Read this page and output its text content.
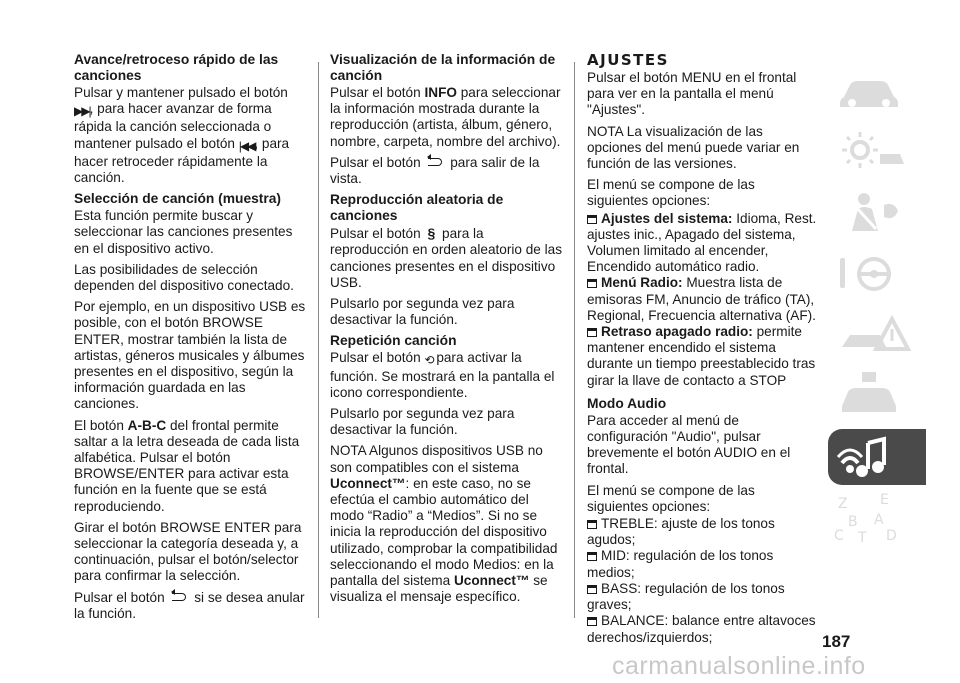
Avance/retroceso rápido de las canciones

Pulsar y mantener pulsado el botón ▶▶|, para hacer avanzar de forma rápida la canción seleccionada o mantener pulsado el botón |◀◀, para hacer retroceder rápidamente la canción.

Selección de canción (muestra)

Esta función permite buscar y seleccionar las canciones presentes en el dispositivo activo.

Las posibilidades de selección dependen del dispositivo conectado.

Por ejemplo, en un dispositivo USB es posible, con el botón BROWSE ENTER, mostrar también la lista de artistas, géneros musicales y álbumes presentes en el dispositivo, según la información guardada en las canciones.

El botón A-B-C del frontal permite saltar a la letra deseada de cada lista alfabética. Pulsar el botón BROWSE/ENTER para activar esta función en la fuente que se está reproduciendo.

Girar el botón BROWSE ENTER para seleccionar la categoría deseada y, a continuación, pulsar el botón/selector para confirmar la selección.

Pulsar el botón si se desea anular la función.

Visualización de la información de canción

Pulsar el botón INFO para seleccionar la información mostrada durante la reproducción (artista, álbum, género, nombre, carpeta, nombre del archivo).

Pulsar el botón para salir de la vista.

Reproducción aleatoria de canciones

Pulsar el botón § para la reproducción en orden aleatorio de las canciones presentes en el dispositivo USB.

Pulsarlo por segunda vez para desactivar la función.

Repetición canción

Pulsar el botón ⟲ para activar la función. Se mostrará en la pantalla el icono correspondiente.

Pulsarlo por segunda vez para desactivar la función.

NOTA Algunos dispositivos USB no son compatibles con el sistema Uconnect™: en este caso, no se efectúa el cambio automático del modo “Radio” a “Medios”. Si no se inicia la reproducción del dispositivo utilizado, comprobar la compatibilidad seleccionando el modo Medios: en la pantalla del sistema Uconnect™ se visualiza el mensaje específico.

AJUSTES

Pulsar el botón MENU en el frontal para ver en la pantalla el menú "Ajustes".

NOTA La visualización de las opciones del menú puede variar en función de las versiones.

El menú se compone de las siguientes opciones:

Ajustes del sistema: Idioma, Rest. ajustes inic., Apagado del sistema, Volumen limitado al encender, Encendido automático radio.
Menú Radio: Muestra lista de emisoras FM, Anuncio de tráfico (TA), Regional, Frecuencia alternativa (AF).
Retraso apagado radio: permite mantener encendido el sistema durante un tiempo preestablecido tras girar la llave de contacto a STOP
Modo Audio

Para acceder al menú de configuración "Audio", pulsar brevemente el botón AUDIO en el frontal.

El menú se compone de las siguientes opciones:

TREBLE: ajuste de los tonos agudos;
MID: regulación de los tonos medios;
BASS: regulación de los tonos graves;
BALANCE: balance entre altavoces derechos/izquierdos;
Z E
B A
C T D
187
carmanualsonline.info
